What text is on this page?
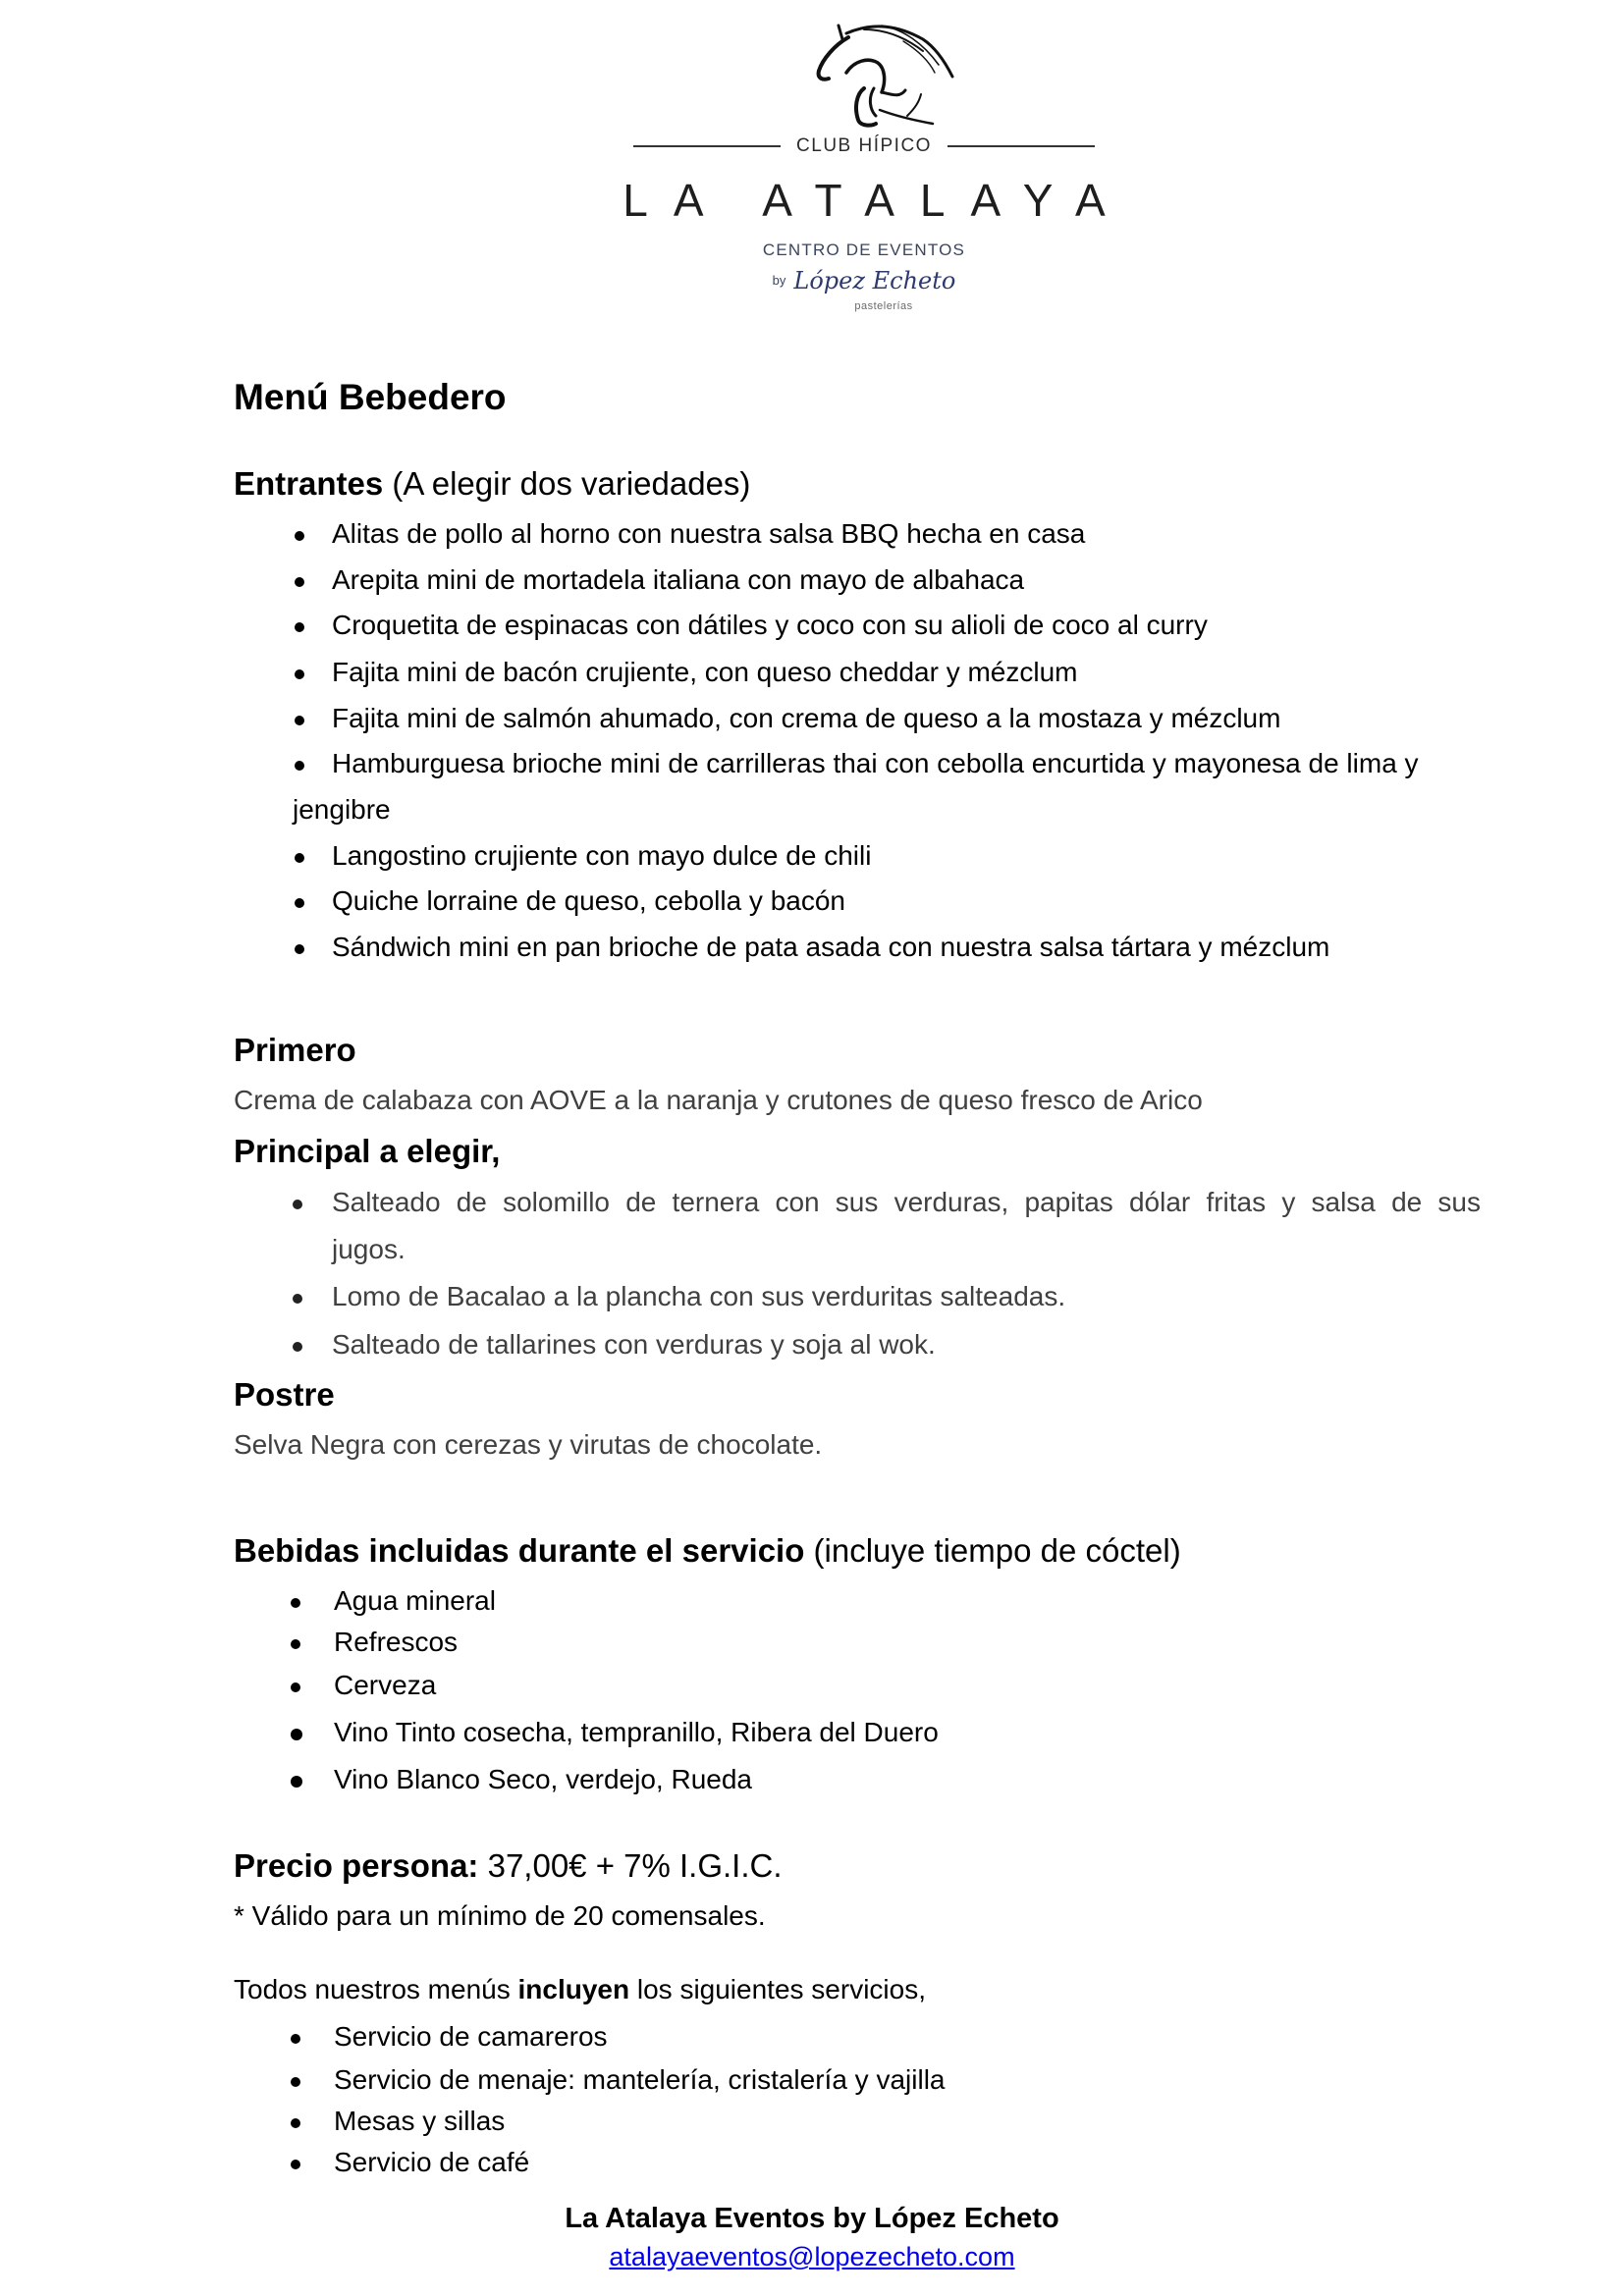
CLUB HÍPICO
LA ATALAYA
CENTRO DE EVENTOS
by López Echeto
pastelerías
Menú Bebedero
Entrantes (A elegir dos variedades)
Alitas de pollo al horno con nuestra salsa BBQ hecha en casa
Arepita mini de mortadela italiana con mayo de albahaca
Croquetita de espinacas con dátiles y coco con su alioli de coco al curry
Fajita mini de bacón crujiente, con queso cheddar y mézclum
Fajita mini de salmón ahumado, con crema de queso a la mostaza y mézclum
Hamburguesa brioche mini de carrilleras thai con cebolla encurtida y mayonesa de lima y
jengibre
Langostino crujiente con mayo dulce de chili
Quiche lorraine de queso, cebolla y bacón
Sándwich mini en pan brioche de pata asada con nuestra salsa tártara y mézclum
Primero
Crema de calabaza con AOVE a la naranja y crutones de queso fresco de Arico
Principal a elegir,
Salteado de solomillo de ternera con sus verduras, papitas dólar fritas y salsa de sus
jugos.
Lomo de Bacalao a la plancha con sus verduritas salteadas.
Salteado de tallarines con verduras y soja al wok.
Postre
Selva Negra con cerezas y virutas de chocolate.
Bebidas incluidas durante el servicio (incluye tiempo de cóctel)
Agua mineral
Refrescos
Cerveza
Vino Tinto cosecha, tempranillo, Ribera del Duero
Vino Blanco Seco, verdejo, Rueda
Precio persona: 37,00€ + 7% I.G.I.C.
* Válido para un mínimo de 20 comensales.
Todos nuestros menús incluyen los siguientes servicios,
Servicio de camareros
Servicio de menaje: mantelería, cristalería y vajilla
Mesas y sillas
Servicio de café
La Atalaya Eventos by López Echeto
atalayaeventos@lopezecheto.com
